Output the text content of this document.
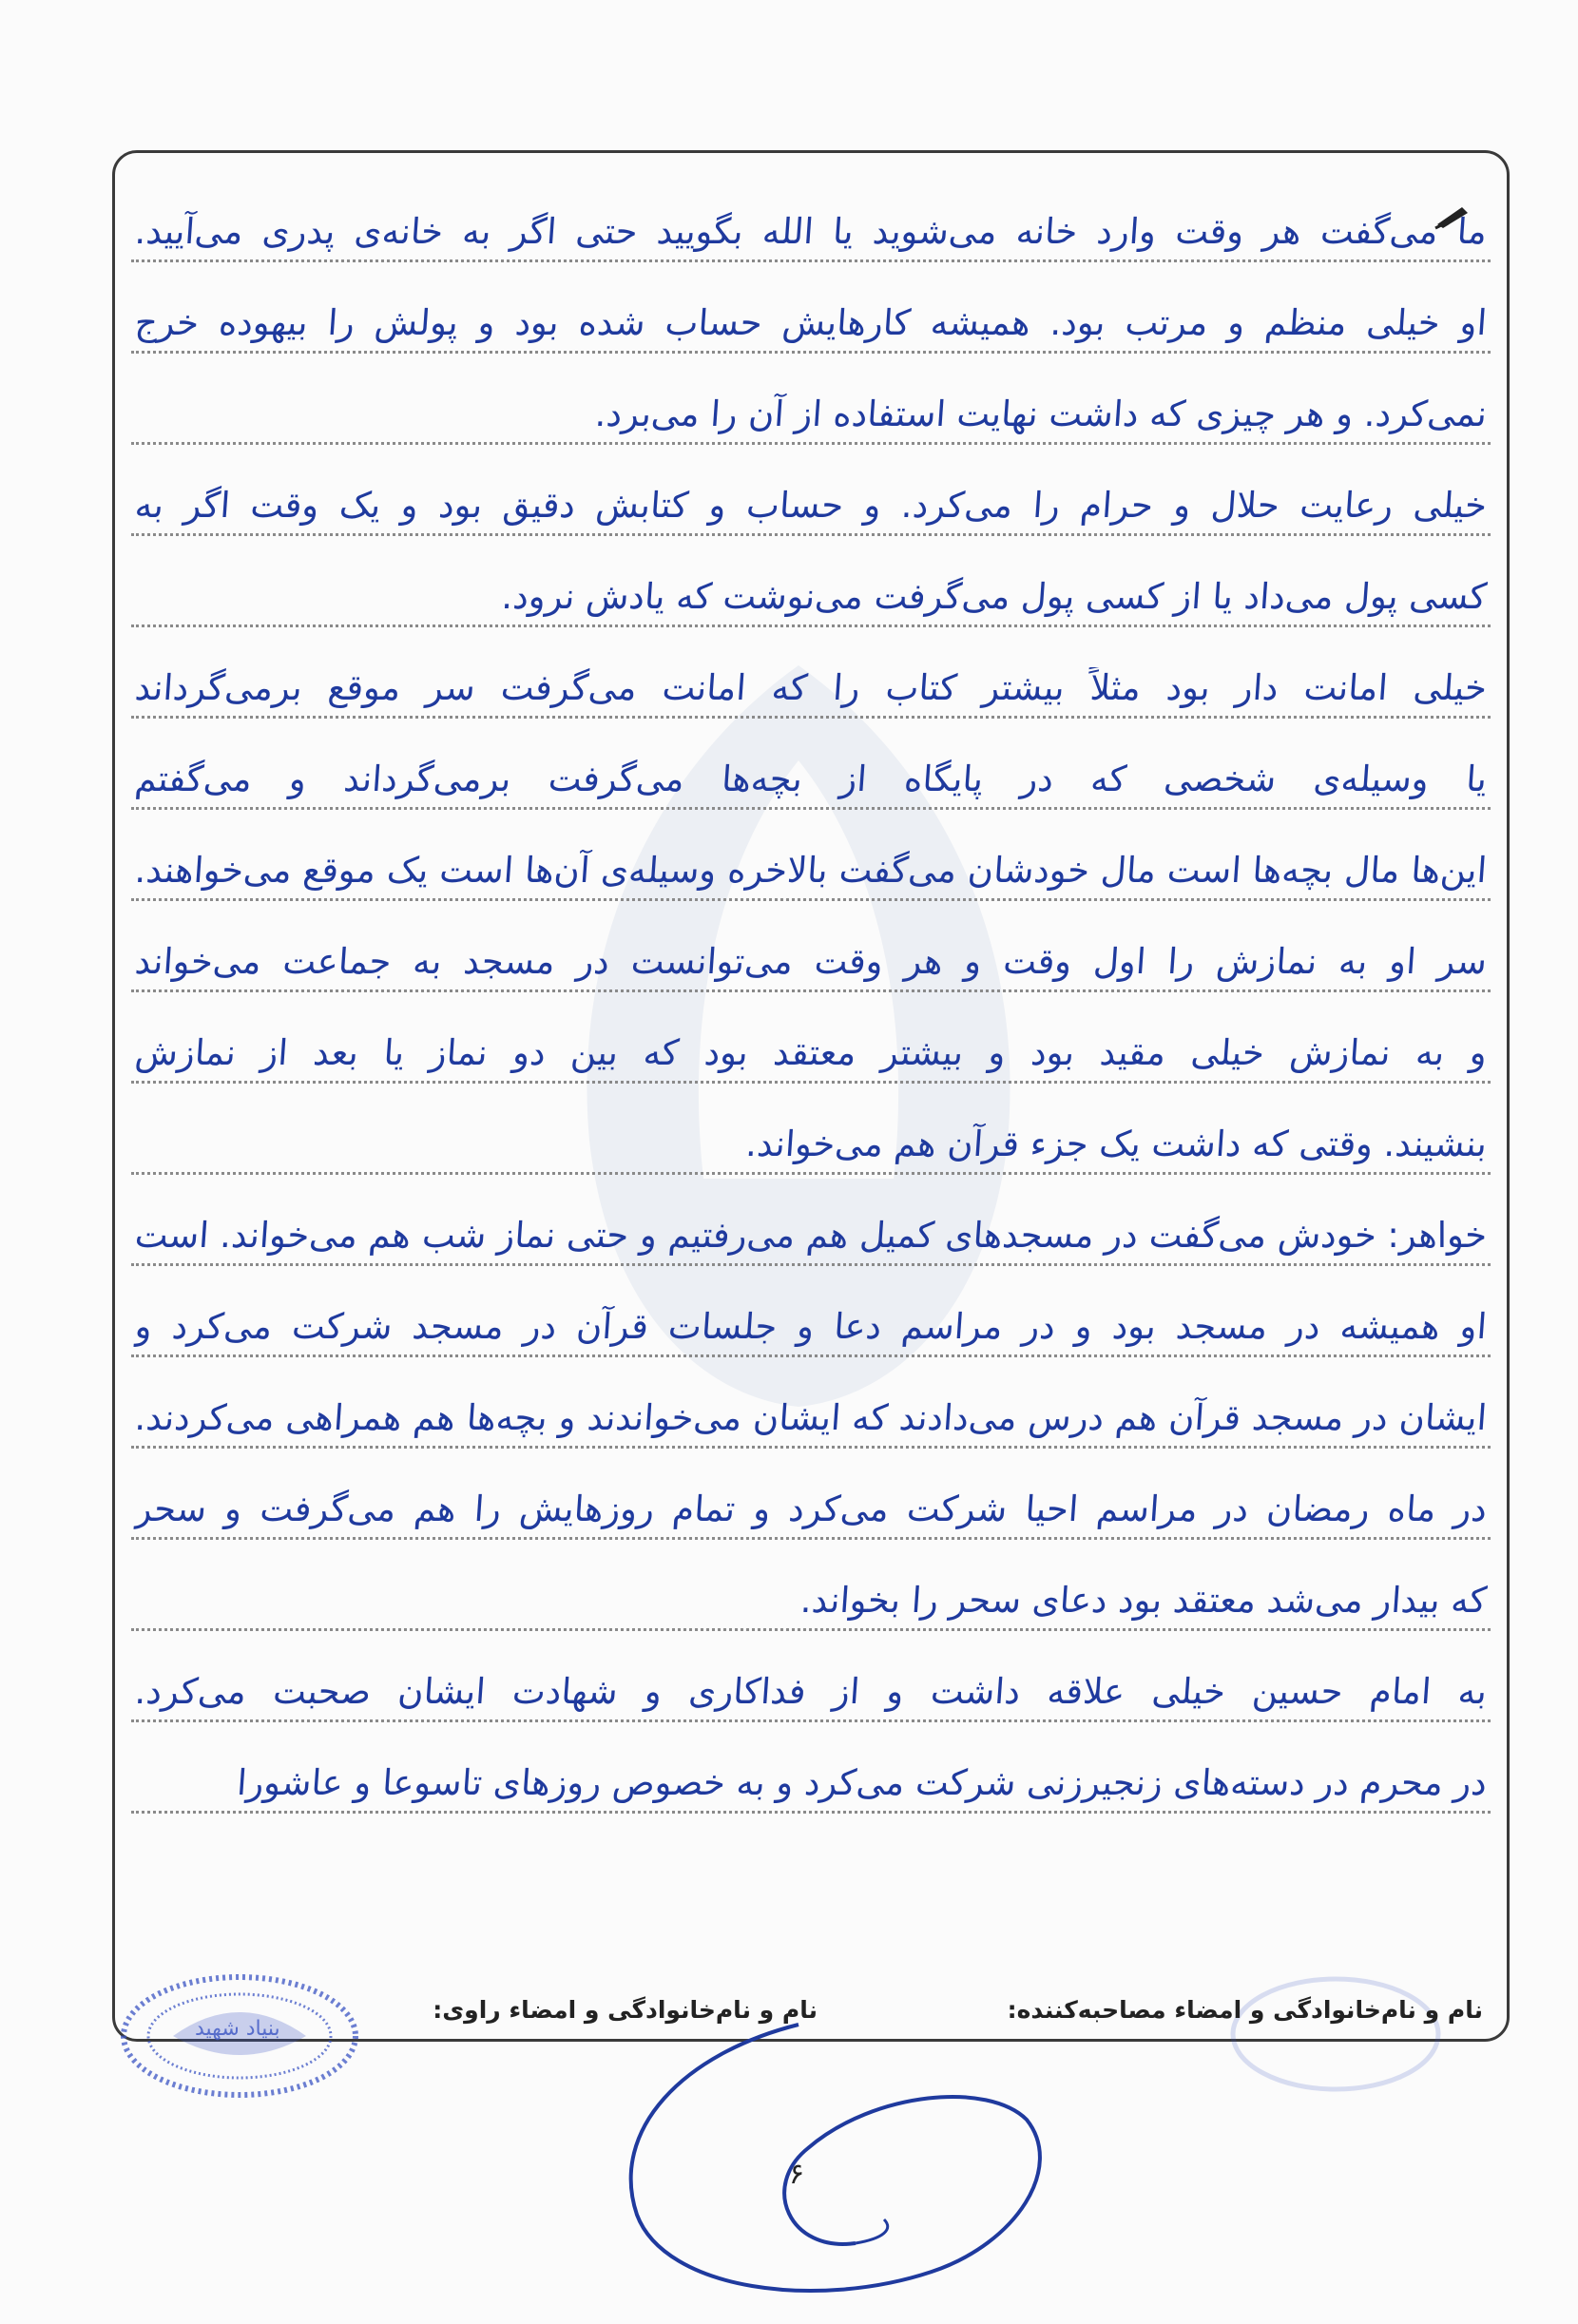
ما می‌گفت هر وقت وارد خانه می‌شوید یا الله بگویید حتی اگر به خانه‌ی پدری می‌آیید.
او خیلی منظم و مرتب بود. همیشه کارهایش حساب شده بود و پولش را بیهوده خرج
نمی‌کرد. و هر چیزی که داشت نهایت استفاده از آن را می‌برد.
خیلی رعایت حلال و حرام را می‌کرد. و حساب و کتابش دقیق بود و یک وقت اگر به
کسی پول می‌داد یا از کسی پول می‌گرفت می‌نوشت که یادش نرود.
خیلی امانت دار بود مثلاً بیشتر کتاب را که امانت می‌گرفت سر موقع برمی‌گرداند
یا وسیله‌ی شخصی که در پایگاه از بچه‌ها می‌گرفت برمی‌گرداند و می‌گفتم
این‌ها مال بچه‌ها است مال خودشان می‌گفت بالاخره وسیله‌ی آن‌ها است یک موقع می‌خواهند.
سر او به نمازش را اول وقت و هر وقت می‌توانست در مسجد به جماعت می‌خواند
و به نمازش خیلی مقید بود و بیشتر معتقد بود که بین دو نماز یا بعد از نمازش
بنشیند. وقتی که داشت یک جزء قرآن هم می‌خواند.
خودش می‌گفت در مسجدهای کمیل هم می‌رفتیم و حتی نماز شب هم می‌خواند. است خواهر:
او همیشه در مسجد بود و در مراسم دعا و جلسات قرآن در مسجد شرکت می‌کرد و
ایشان در مسجد قرآن هم درس می‌دادند که ایشان می‌خواندند و بچه‌ها هم همراهی می‌کردند.
در ماه رمضان در مراسم احیا شرکت می‌کرد و تمام روزهایش را هم می‌گرفت و سحر
که بیدار می‌شد معتقد بود دعای سحر را بخواند.
به امام حسین خیلی علاقه داشت و از فداکاری و شهادت ایشان صحبت می‌کرد.
در محرم در دسته‌های زنجیرزنی شرکت می‌کرد و به خصوص روزهای تاسوعا و عاشورا
بنیاد شهید
نام و نام‌خانوادگی و امضاء مصاحبه‌کننده:
نام و نام‌خانوادگی و امضاء راوی:
۶
